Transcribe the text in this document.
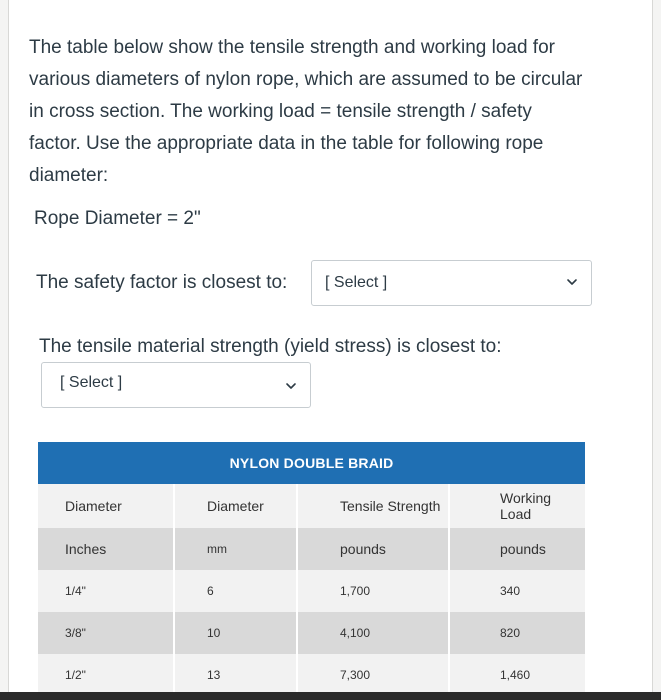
The table below show the tensile strength and working load for
various diameters of nylon rope, which are assumed to be circular
in cross section. The working load = tensile strength / safety
factor. Use the appropriate data in the table for following rope
diameter:
Rope Diameter = 2"
The safety factor is closest to: [ Select ]
The tensile material strength (yield stress) is closest to:
[ Select ]
NYLON DOUBLE BRAID			
Diameter	Diameter	Tensile Strength	Working Load
Inches	mm	pounds	pounds
1/4"	6	1,700	340
3/8"	10	4,100	820
1/2"	13	7,300	1,460
